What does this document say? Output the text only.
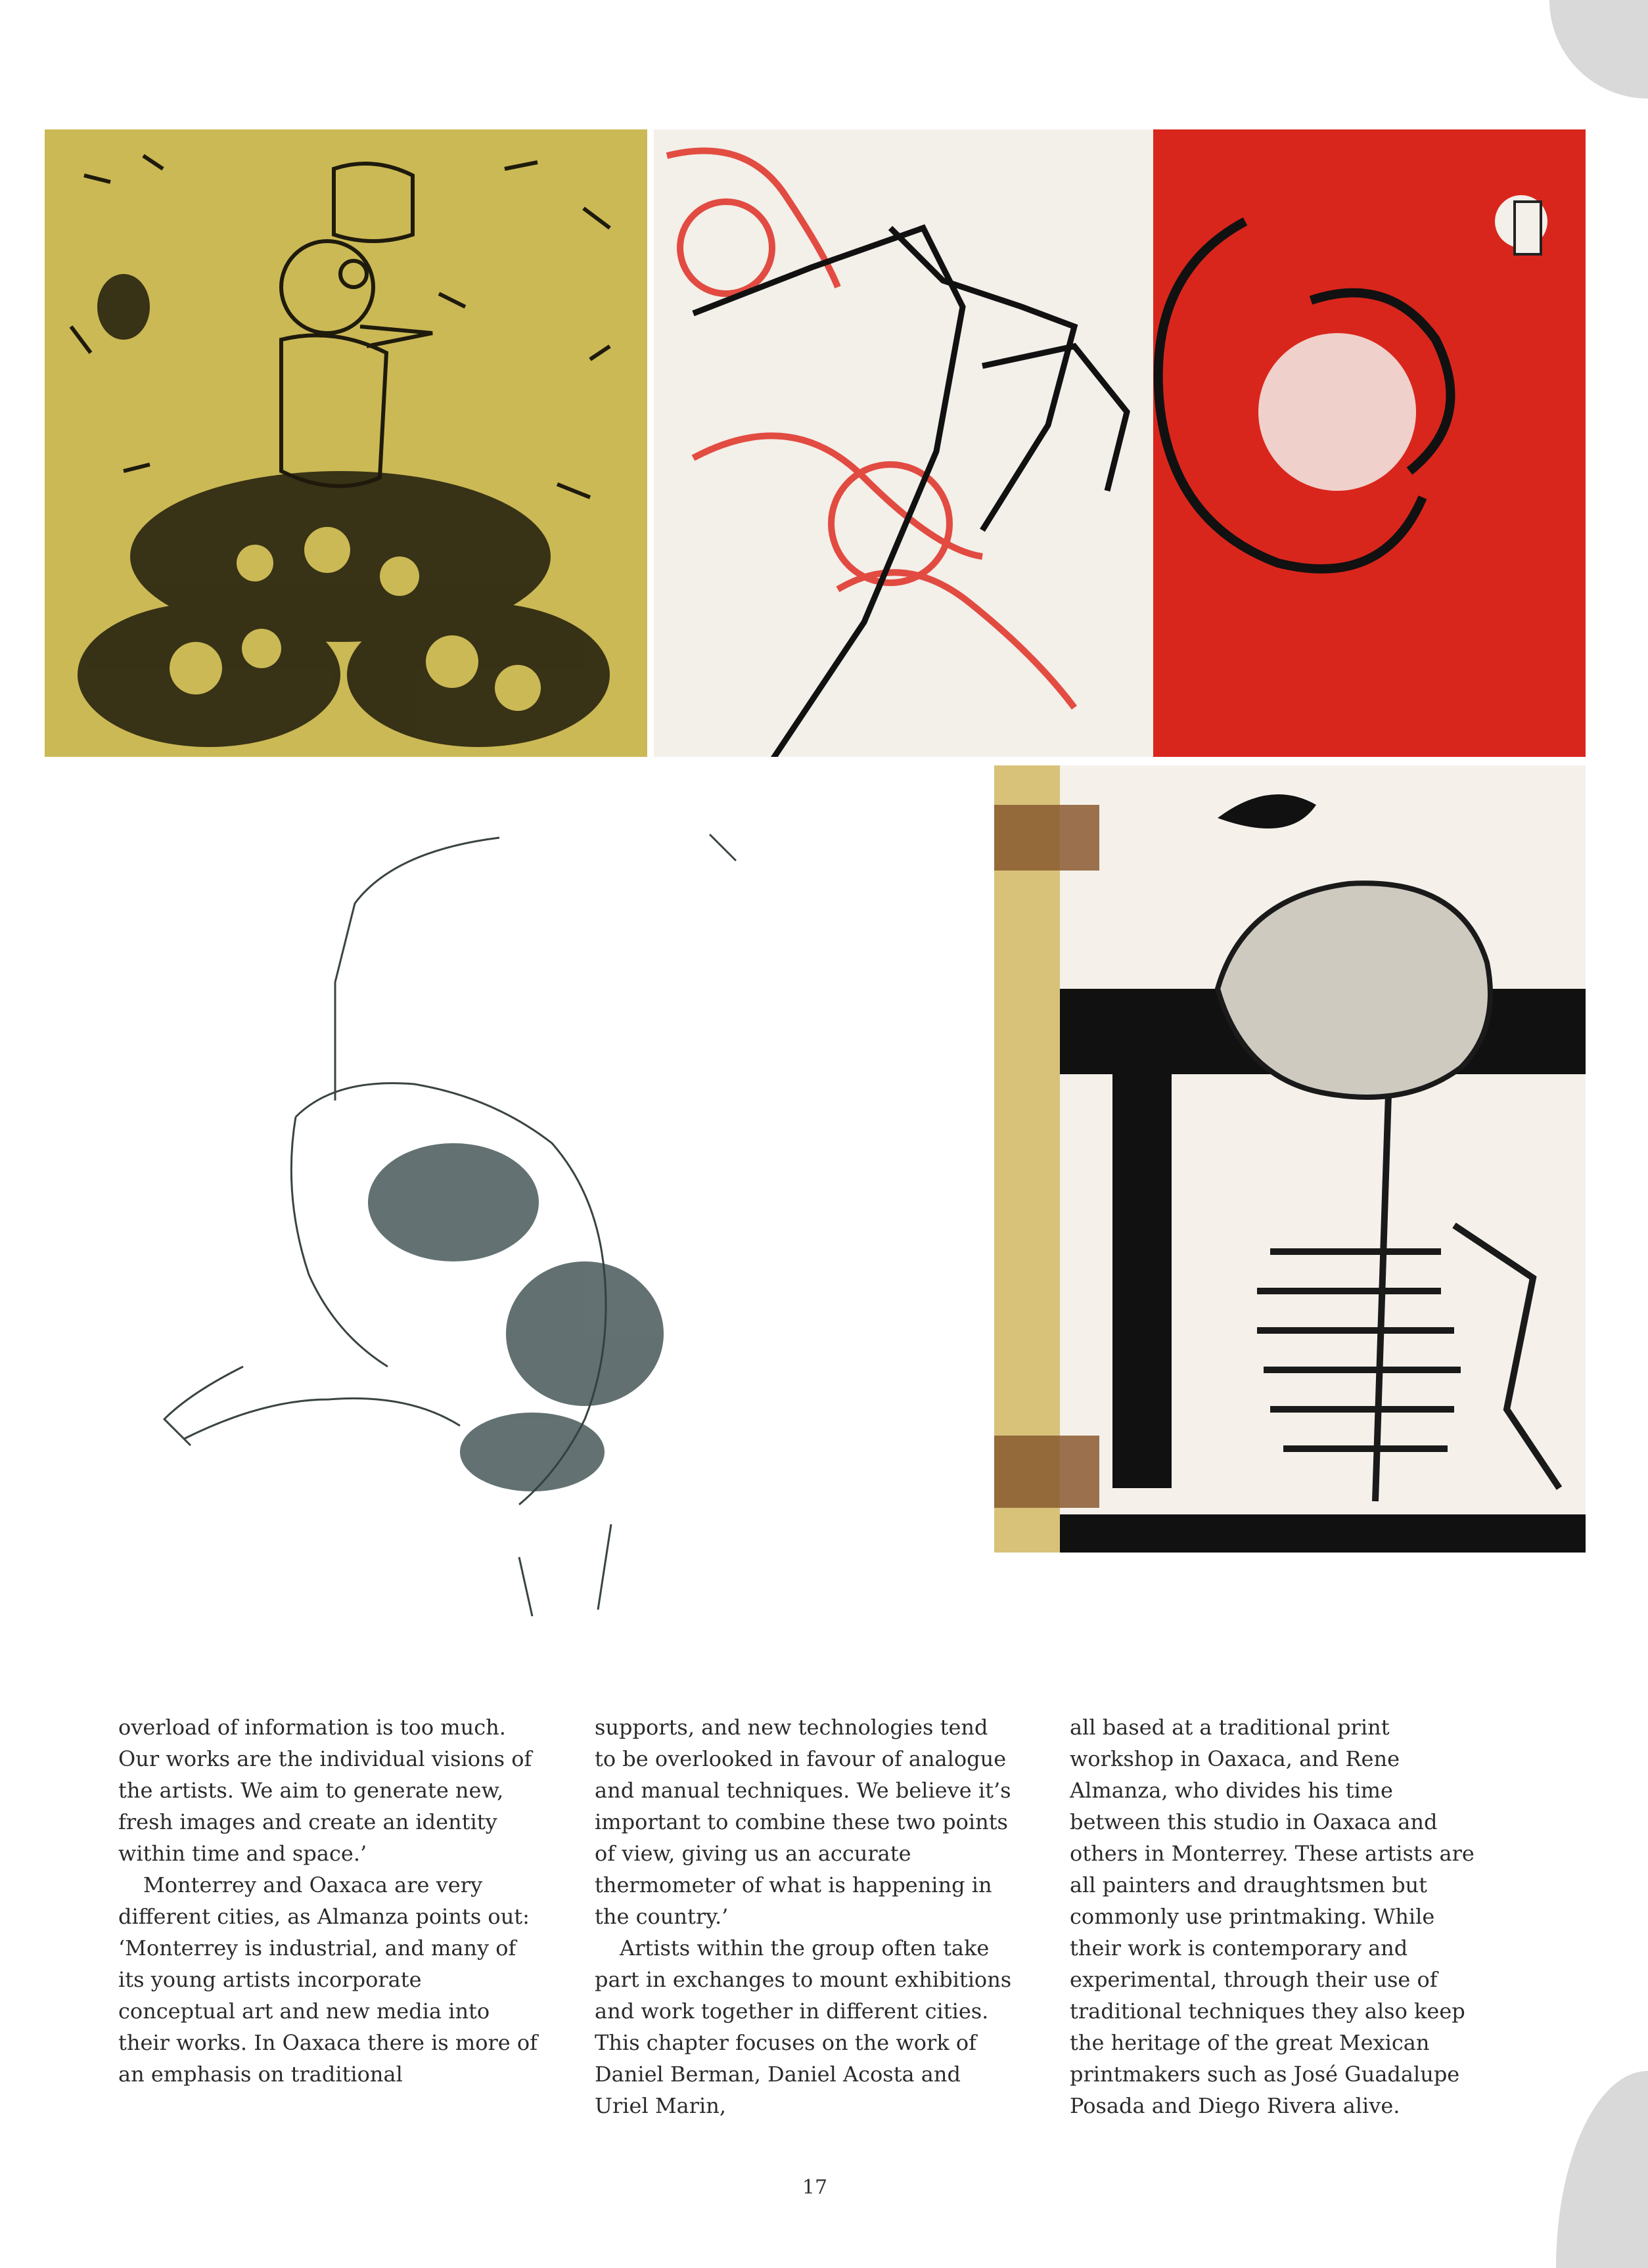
overload of information is too much. Our works are the individual visions of the artists. We aim to generate new, fresh images and create an identity within time and space.’

Monterrey and Oaxaca are very different cities, as Almanza points out: ‘Monterrey is industrial, and many of its young artists incorporate conceptual art and new media into their works. In Oaxaca there is more of an emphasis on traditional

supports, and new technologies tend to be overlooked in favour of analogue and manual techniques. We believe it’s important to combine these two points of view, giving us an accurate thermometer of what is happening in the country.’

Artists within the group often take part in exchanges to mount exhibitions and work together in different cities. This chapter focuses on the work of Daniel Berman, Daniel Acosta and Uriel Marin,

all based at a traditional print workshop in Oaxaca, and Rene Almanza, who divides his time between this studio in Oaxaca and others in Monterrey. These artists are all painters and draughtsmen but commonly use printmaking. While their work is contemporary and experimental, through their use of traditional techniques they also keep the heritage of the great Mexican printmakers such as José Guadalupe Posada and Diego Rivera alive.

17
